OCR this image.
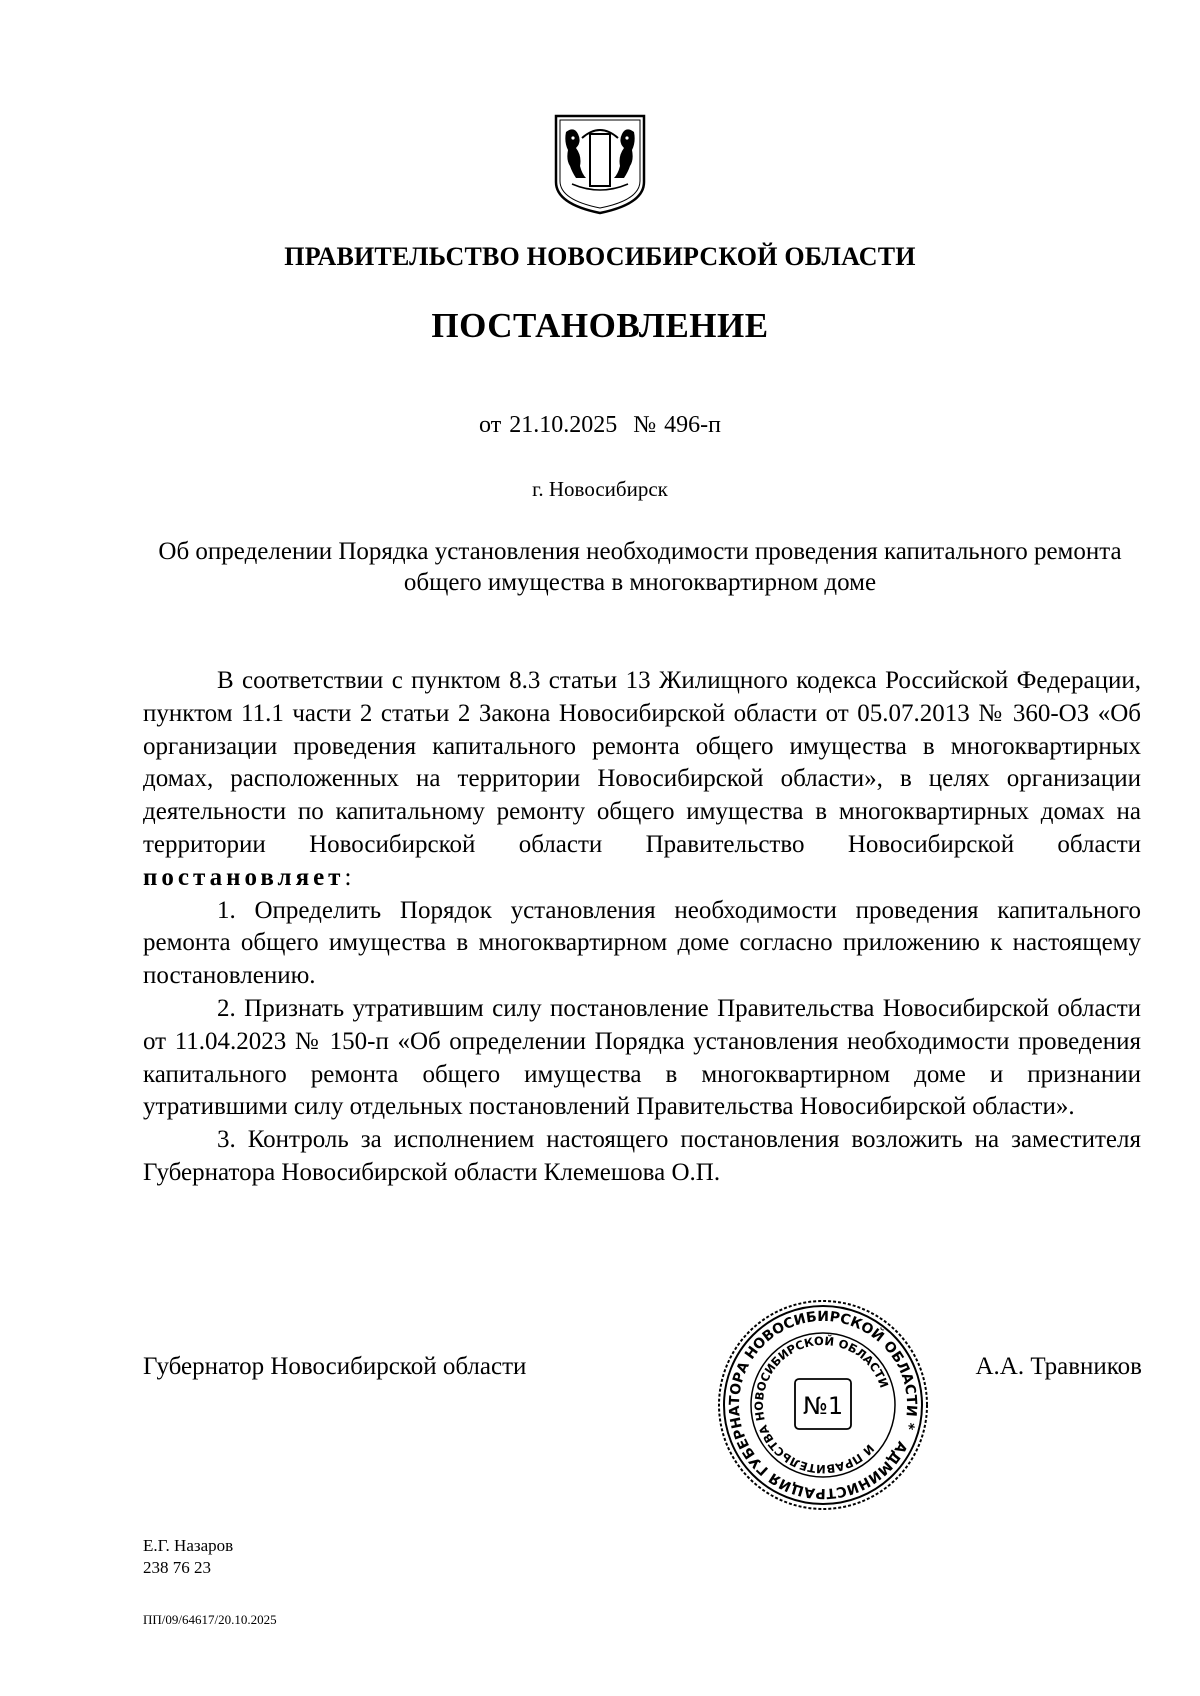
ПРАВИТЕЛЬСТВО НОВОСИБИРСКОЙ ОБЛАСТИ
ПОСТАНОВЛЕНИЕ
от 21.10.2025  № 496-п
г. Новосибирск
Об определении Порядка установления необходимости проведения капитального ремонта общего имущества в многоквартирном доме

В соответствии с пунктом 8.3 статьи 13 Жилищного кодекса Российской Федерации, пунктом 11.1 части 2 статьи 2 Закона Новосибирской области от 05.07.2013 № 360-ОЗ «Об организации проведения капитального ремонта общего имущества в многоквартирных домах, расположенных на территории Новосибирской области», в целях организации деятельности по капитальному ремонту общего имущества в многоквартирных домах на территории Новосибирской области Правительство Новосибирской области постановляет:

1. Определить Порядок установления необходимости проведения капитального ремонта общего имущества в многоквартирном доме согласно приложению к настоящему постановлению.

2. Признать утратившим силу постановление Правительства Новосибирской области от 11.04.2023 № 150-п «Об определении Порядка установления необходимости проведения капитального ремонта общего имущества в многоквартирном доме и признании утратившими силу отдельных постановлений Правительства Новосибирской области».

3. Контроль за исполнением настоящего постановления возложить на заместителя Губернатора Новосибирской области Клемешова О.П.

Губернатор Новосибирской области
АДМИНИСТРАЦИЯ ГУБЕРНАТОРА НОВОСИБИРСКОЙ ОБЛАСТИ *
И ПРАВИТЕЛЬСТВА НОВОСИБИРСКОЙ ОБЛАСТИ
№1
А.А. Травников
Е.Г. Назаров
238 76 23
ПП/09/64617/20.10.2025
